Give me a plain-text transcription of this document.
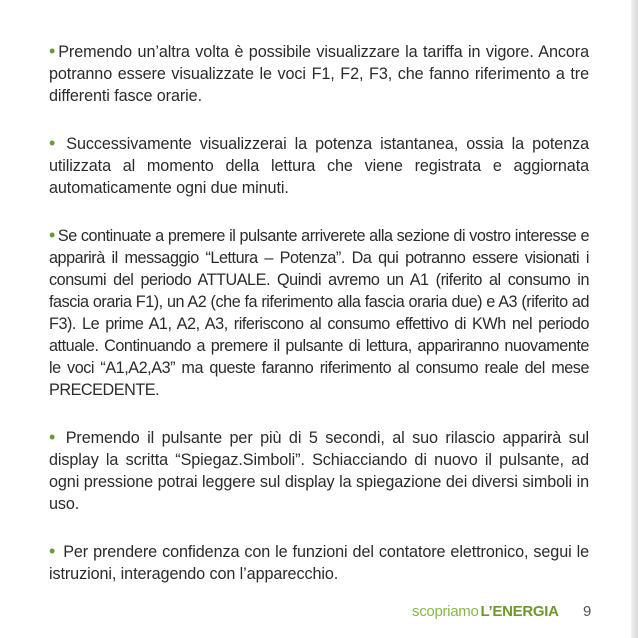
• Premendo un’altra volta è possibile visualizzare la tariffa in vigore. Ancora potranno essere visualizzate le voci F1, F2, F3, che fanno riferimento a tre differenti fasce orarie.

• Successivamente visualizzerai la potenza istantanea, ossia la potenza utilizzata al momento della lettura che viene registrata e aggiornata automaticamente ogni due minuti.

• Se continuate a premere il pulsante arriverete alla sezione di vostro interesse e apparirà il messaggio “Lettura – Potenza”. Da qui potranno essere visionati i consumi del periodo ATTUALE. Quindi avremo un A1 (riferito al consumo in fascia oraria F1), un A2 (che fa riferimento alla fascia oraria due) e A3 (riferito ad F3). Le prime A1, A2, A3, riferiscono al consumo effettivo di KWh nel periodo attuale. Continuando a premere il pulsante di lettura, appariranno nuovamente le voci “A1,A2,A3” ma queste faranno riferimento al consumo reale del mese PRECEDENTE.

• Premendo il pulsante per più di 5 secondi, al suo rilascio apparirà sul display la scritta “Spiegaz.Simboli”. Schiacciando di nuovo il pulsante, ad ogni pressione potrai leggere sul display la spiegazione dei diversi simboli in uso.

• Per prendere confidenza con le funzioni del contatore elettronico, segui le istruzioni, interagendo con l’apparecchio.

scopriamo L’ENERGIA 9
